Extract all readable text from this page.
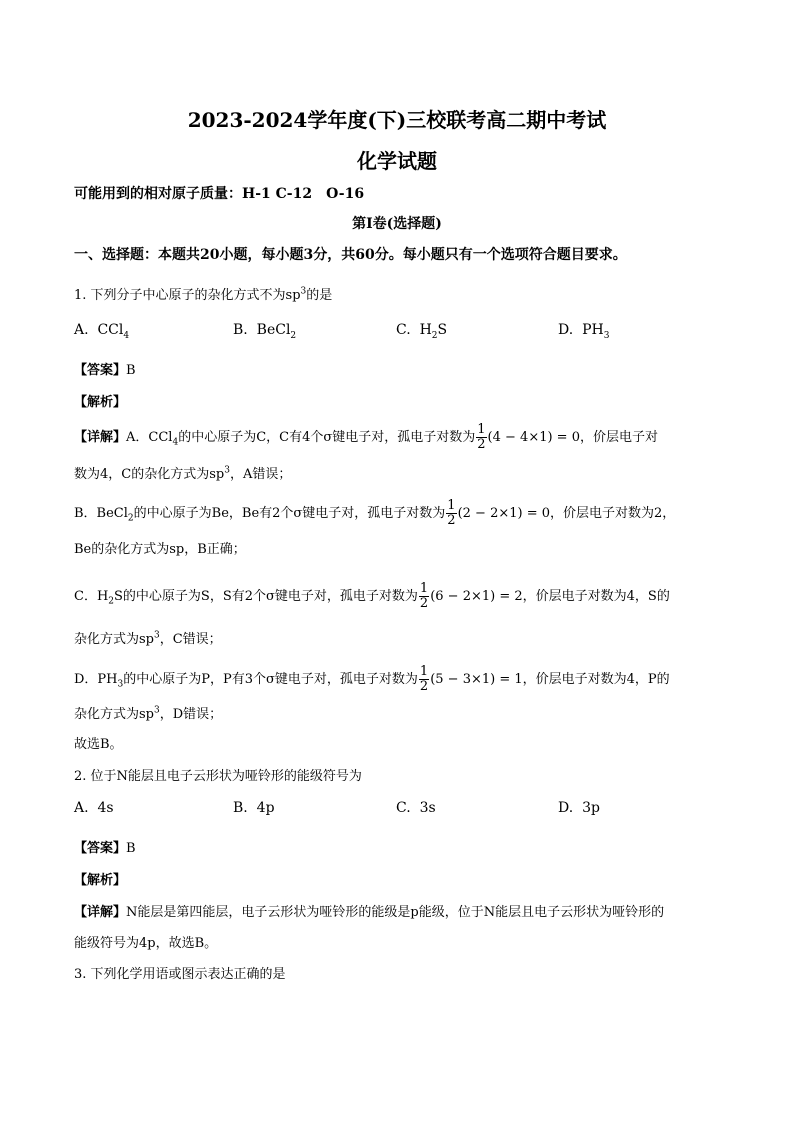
2023-2024学年度(下)三校联考高二期中考试
化学试题
可能用到的相对原子质量：H-1 C-12　O-16
第Ⅰ卷(选择题)
一、选择题：本题共20小题，每小题3分，共60分。每小题只有一个选项符合题目要求。
1. 下列分子中心原子的杂化方式不为$sp^3$的是
A. CCl$_4$	B. BeCl$_2$	C. $H_2S$	D. $PH_3$
【答案】B
【解析】
【详解】A．CCl$_4$的中心原子为C，C有4个σ键电子对，孤电子对数为 $\frac{1}{2} (4 - 4\times 1) = 0$，价层电子对
数为4，C的杂化方式为$sp^3$，A错误；
B．BeCl$_2$的中心原子为Be，Be有2个σ键电子对，孤电子对数为 $\frac{1}{2} (2 - 2\times 1) = 0$，价层电子对数为2，
Be的杂化方式为sp，B正确；
C．$H_2S$的中心原子为S，S有2个σ键电子对，孤电子对数为 $\frac{1}{2} (6 - 2\times 1) = 2$，价层电子对数为4，S的
杂化方式为$sp^3$，C错误；
D．$PH_3$的中心原子为P，P有3个σ键电子对，孤电子对数为 $\frac{1}{2} (5 - 3\times 1) = 1$，价层电子对数为4，P的
杂化方式为$sp^3$，D错误；
故选B。
2. 位于N能层且电子云形状为哑铃形的能级符号为
A. 4s	B. 4p	C. 3s	D. 3p
【答案】B
【解析】
【详解】N能层是第四能层，电子云形状为哑铃形的能级是p能级，位于N能层且电子云形状为哑铃形的
能级符号为4p，故选B。
3. 下列化学用语或图示表达正确的是
